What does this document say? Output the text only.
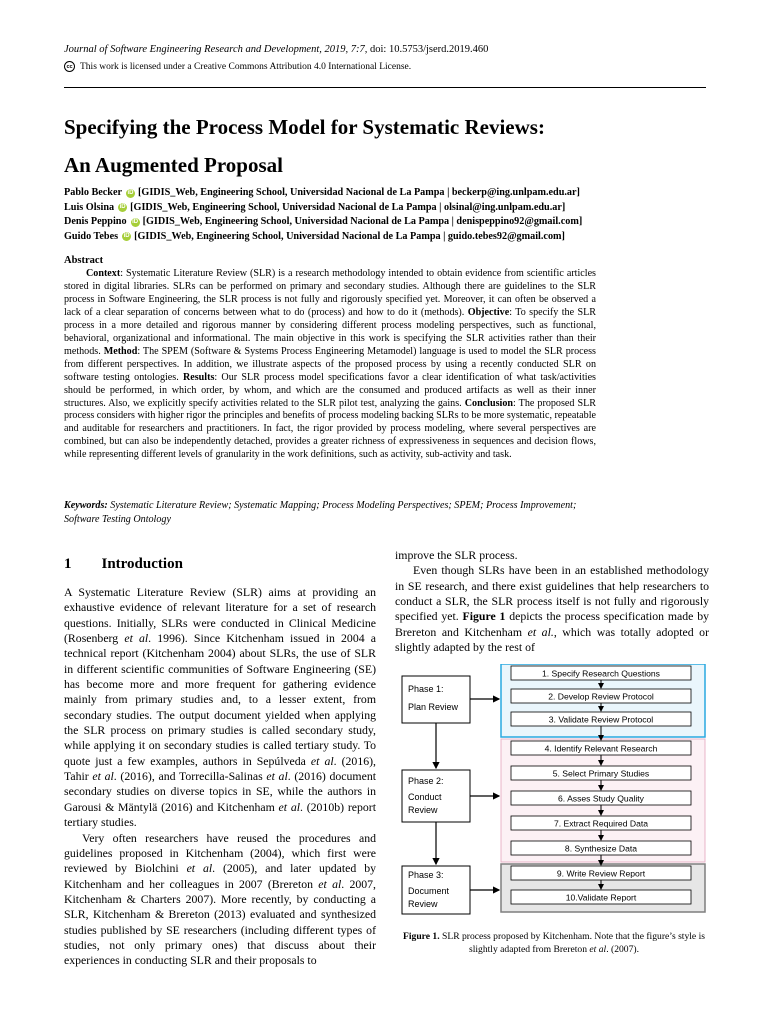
Journal of Software Engineering Research and Development, 2019, 7:7, doi: 10.5753/jserd.2019.460
cc This work is licensed under a Creative Commons Attribution 4.0 International License.
Specifying the Process Model for Systematic Reviews:
An Augmented Proposal
Pablo Becker iD [GIDIS_Web, Engineering School, Universidad Nacional de La Pampa | beckerp@ing.unlpam.edu.ar]
Luis Olsina iD [GIDIS_Web, Engineering School, Universidad Nacional de La Pampa | olsinal@ing.unlpam.edu.ar]
Denis Peppino iD [GIDIS_Web, Engineering School, Universidad Nacional de La Pampa | denispeppino92@gmail.com]
Guido Tebes iD [GIDIS_Web, Engineering School, Universidad Nacional de La Pampa | guido.tebes92@gmail.com]
Abstract
Context: Systematic Literature Review (SLR) is a research methodology intended to obtain evidence from scientific articles stored in digital libraries. SLRs can be performed on primary and secondary studies. Although there are guidelines to the SLR process in Software Engineering, the SLR process is not fully and rigorously specified yet. Moreover, it can often be observed a lack of a clear separation of concerns between what to do (process) and how to do it (methods). Objective: To specify the SLR process in a more detailed and rigorous manner by considering different process modeling perspectives, such as functional, behavioral, organizational and informational. The main objective in this work is specifying the SLR activities rather than their methods. Method: The SPEM (Software & Systems Process Engineering Metamodel) language is used to model the SLR process from different perspectives. In addition, we illustrate aspects of the proposed process by using a recently conducted SLR on software testing ontologies. Results: Our SLR process model specifications favor a clear identification of what task/activities should be performed, in which order, by whom, and which are the consumed and produced artifacts as well as their inner structures. Also, we explicitly specify activities related to the SLR pilot test, analyzing the gains. Conclusion: The proposed SLR process considers with higher rigor the principles and benefits of process modeling backing SLRs to be more systematic, repeatable and auditable for researchers and practitioners. In fact, the rigor provided by process modeling, where several perspectives are combined, but can also be independently detached, provides a greater richness of expressiveness in sequences and decision flows, while representing different levels of granularity in the work definitions, such as activity, sub-activity and task.
Keywords: Systematic Literature Review; Systematic Mapping; Process Modeling Perspectives; SPEM; Process Improvement; Software Testing Ontology
1 Introduction

A Systematic Literature Review (SLR) aims at providing an exhaustive evidence of relevant literature for a set of research questions. Initially, SLRs were conducted in Clinical Medicine (Rosenberg et al. 1996). Since Kitchenham issued in 2004 a technical report (Kitchenham 2004) about SLRs, the use of SLR in different scientific communities of Software Engineering (SE) has become more and more frequent for gathering evidence mainly from primary studies and, to a lesser extent, from secondary studies. The output document yielded when applying the SLR process on primary studies is called secondary study, while applying it on secondary studies is called tertiary study. To quote just a few examples, authors in Sepúlveda et al. (2016), Tahir et al. (2016), and Torrecilla-Salinas et al. (2016) document secondary studies on diverse topics in SE, while the authors in Garousi & Mäntylä (2016) and Kitchenham et al. (2010b) report tertiary studies.

Very often researchers have reused the procedures and guidelines proposed in Kitchenham (2004), which first were reviewed by Biolchini et al. (2005), and later updated by Kitchenham and her colleagues in 2007 (Brereton et al. 2007, Kitchenham & Charters 2007). More recently, by conducting a SLR, Kitchenham & Brereton (2013) evaluated and synthesized studies published by SE researchers (including different types of studies, not only primary ones) that discuss about their experiences in conducting SLR and their proposals to

improve the SLR process.

Even though SLRs have been in an established methodology in SE research, and there exist guidelines that help researchers to conduct a SLR, the SLR process itself is not fully and rigorously specified yet. Figure 1 depicts the process specification made by Brereton and Kitchenham et al., which was totally adopted or slightly adapted by the rest of

Phase 1:
Plan Review
Phase 2:
Conduct
Review
Phase 3:
Document
Review
1. Specify Research Questions
2. Develop Review Protocol
3. Validate Review Protocol
4. Identify Relevant Research
5. Select Primary Studies
6. Asses Study Quality
7. Extract Required Data
8. Synthesize Data
9. Write Review Report
10.Validate Report
Figure 1. SLR process proposed by Kitchenham. Note that the figure’s style is slightly adapted from Brereton et al. (2007).
